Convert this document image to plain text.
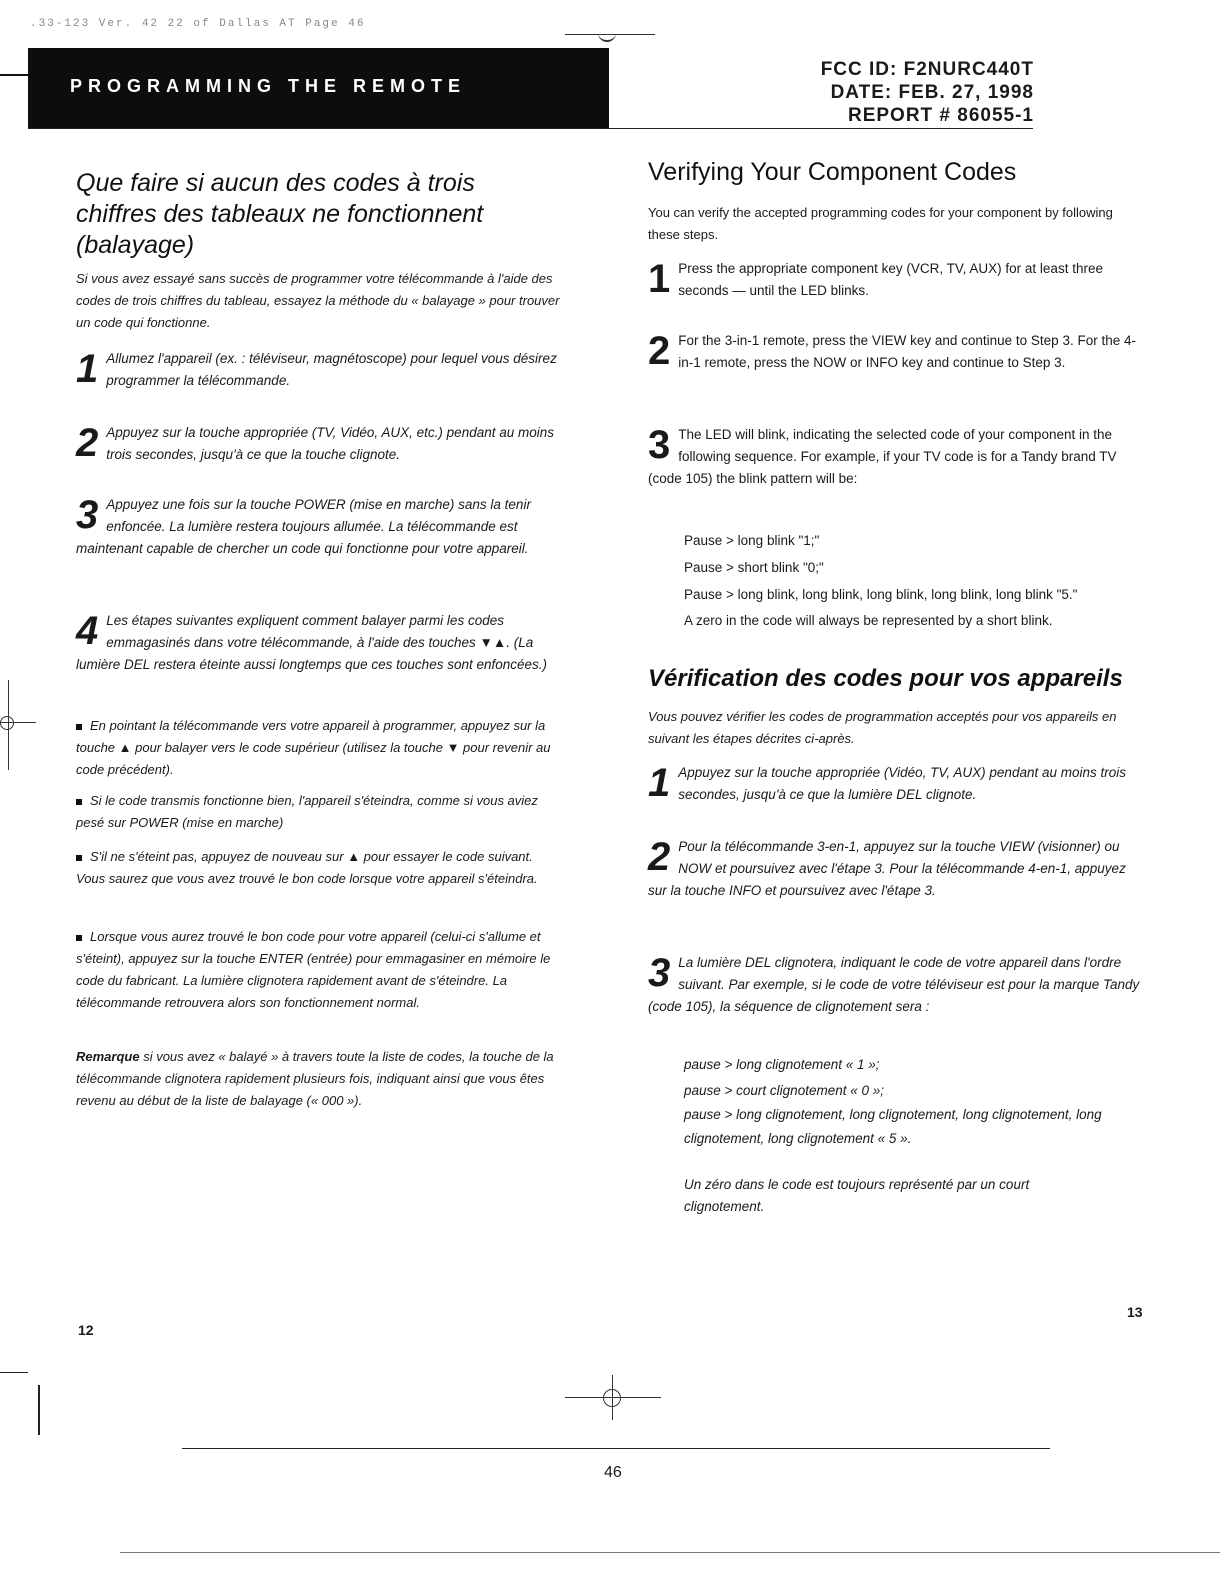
.33-123 Ver. 42 22 of Dallas AT Page 46
PROGRAMMING THE REMOTE
FCC ID: F2NURC440T
DATE: FEB. 27, 1998
REPORT # 86055-1
Que faire si aucun des codes à trois chiffres des tableaux ne fonctionnent (balayage)
Si vous avez essayé sans succès de programmer votre télécommande à l'aide des codes de trois chiffres du tableau, essayez la méthode du « balayage » pour trouver un code qui fonctionne.
1 Allumez l'appareil (ex. : téléviseur, magnétoscope) pour lequel vous désirez programmer la télécommande.
2 Appuyez sur la touche appropriée (TV, Vidéo, AUX, etc.) pendant au moins trois secondes, jusqu'à ce que la touche clignote.
3 Appuyez une fois sur la touche POWER (mise en marche) sans la tenir enfoncée. La lumière restera toujours allumée. La télécommande est maintenant capable de chercher un code qui fonctionne pour votre appareil.
4 Les étapes suivantes expliquent comment balayer parmi les codes emmagasinés dans votre télécommande, à l'aide des touches ▼▲. (La lumière DEL restera éteinte aussi longtemps que ces touches sont enfoncées.)
En pointant la télécommande vers votre appareil à programmer, appuyez sur la touche ▲ pour balayer vers le code supérieur (utilisez la touche ▼ pour revenir au code précédent).
Si le code transmis fonctionne bien, l'appareil s'éteindra, comme si vous aviez pesé sur POWER (mise en marche)
S'il ne s'éteint pas, appuyez de nouveau sur ▲ pour essayer le code suivant. Vous saurez que vous avez trouvé le bon code lorsque votre appareil s'éteindra.
Lorsque vous aurez trouvé le bon code pour votre appareil (celui-ci s'allume et s'éteint), appuyez sur la touche ENTER (entrée) pour emmagasiner en mémoire le code du fabricant. La lumière clignotera rapidement avant de s'éteindre. La télécommande retrouvera alors son fonctionnement normal.
Remarque si vous avez « balayé » à travers toute la liste de codes, la touche de la télécommande clignotera rapidement plusieurs fois, indiquant ainsi que vous êtes revenu au début de la liste de balayage (« 000 »).
12
Verifying Your Component Codes
You can verify the accepted programming codes for your component by following these steps.
1 Press the appropriate component key (VCR, TV, AUX) for at least three seconds — until the LED blinks.
2 For the 3-in-1 remote, press the VIEW key and continue to Step 3. For the 4-in-1 remote, press the NOW or INFO key and continue to Step 3.
3 The LED will blink, indicating the selected code of your component in the following sequence. For example, if your TV code is for a Tandy brand TV (code 105) the blink pattern will be:
Pause > long blink "1;"
Pause > short blink "0;"
Pause > long blink, long blink, long blink, long blink, long blink "5."
A zero in the code will always be represented by a short blink.
Vérification des codes pour vos appareils
Vous pouvez vérifier les codes de programmation acceptés pour vos appareils en suivant les étapes décrites ci-après.
1 Appuyez sur la touche appropriée (Vidéo, TV, AUX) pendant au moins trois secondes, jusqu'à ce que la lumière DEL clignote.
2 Pour la télécommande 3-en-1, appuyez sur la touche VIEW (visionner) ou NOW et poursuivez avec l'étape 3. Pour la télécommande 4-en-1, appuyez sur la touche INFO et poursuivez avec l'étape 3.
3 La lumière DEL clignotera, indiquant le code de votre appareil dans l'ordre suivant. Par exemple, si le code de votre téléviseur est pour la marque Tandy (code 105), la séquence de clignotement sera :
pause > long clignotement « 1 »;
pause > court clignotement « 0 »;
pause > long clignotement, long clignotement, long clignotement, long
clignotement, long clignotement « 5 ».
Un zéro dans le code est toujours représenté par un court clignotement.
13
46
